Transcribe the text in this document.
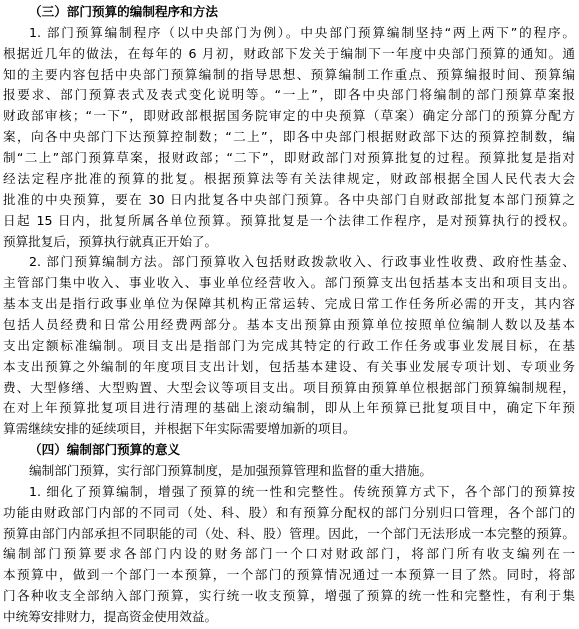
（三）部门预算的编制程序和方法
1. 部门预算编制程序（以中央部门为例）。中央部门预算编制坚持“两上两下”的程序。
根据近几年的做法，在每年的 6 月初，财政部下发关于编制下一年度中央部门预算的通知。通
知的主要内容包括中央部门预算编制的指导思想、预算编制工作重点、预算编报时间、预算编
报要求、部门预算表式及表式变化说明等。“一上”，即各中央部门将编制的部门预算草案报
财政部审核；“一下”，即财政部根据国务院审定的中央预算（草案）确定分部门的预算分配方
案，向各中央部门下达预算控制数；“二上”，即各中央部门根据财政部下达的预算控制数，编
制“二上”部门预算草案，报财政部；“二下”，即财政部门对预算批复的过程。预算批复是指对
经法定程序批准的预算的批复。根据预算法等有关法律规定，财政部根据全国人民代表大会
批准的中央预算，要在 30 日内批复各中央部门预算。各中央部门自财政部批复本部门预算之
日起 15 日内，批复所属各单位预算。预算批复是一个法律工作程序，是对预算执行的授权。
预算批复后，预算执行就真正开始了。
2. 部门预算编制方法。部门预算收入包括财政拨款收入、行政事业性收费、政府性基金、
主管部门集中收入、事业收入、事业单位经营收入。部门预算支出包括基本支出和项目支出。
基本支出是指行政事业单位为保障其机构正常运转、完成日常工作任务所必需的开支，其内容
包括人员经费和日常公用经费两部分。基本支出预算由预算单位按照单位编制人数以及基本
支出定额标准编制。项目支出是指部门为完成其特定的行政工作任务或事业发展目标，在基
本支出预算之外编制的年度项目支出计划，包括基本建设、有关事业发展专项计划、专项业务
费、大型修缮、大型购置、大型会议等项目支出。项目预算由预算单位根据部门预算编制规程，
在对上年预算批复项目进行清理的基础上滚动编制，即从上年预算已批复项目中，确定下年预
算需继续安排的延续项目，并根据下年实际需要增加新的项目。
（四）编制部门预算的意义
编制部门预算，实行部门预算制度，是加强预算管理和监督的重大措施。
1. 细化了预算编制，增强了预算的统一性和完整性。传统预算方式下，各个部门的预算按
功能由财政部门内部的不同司（处、科、股）和有预算分配权的部门分别归口管理，各个部门的
预算由部门内部承担不同职能的司（处、科、股）管理。因此，一个部门无法形成一本完整的预算。
编制部门预算要求各部门内设的财务部门一个口对财政部门，将部门所有收支编列在一
本预算中，做到一个部门一本预算，一个部门的预算情况通过一本预算一目了然。同时，将部
门各种收支全部纳入部门预算，实行统一收支预算，增强了预算的统一性和完整性，有利于集
中统筹安排财力，提高资金使用效益。
